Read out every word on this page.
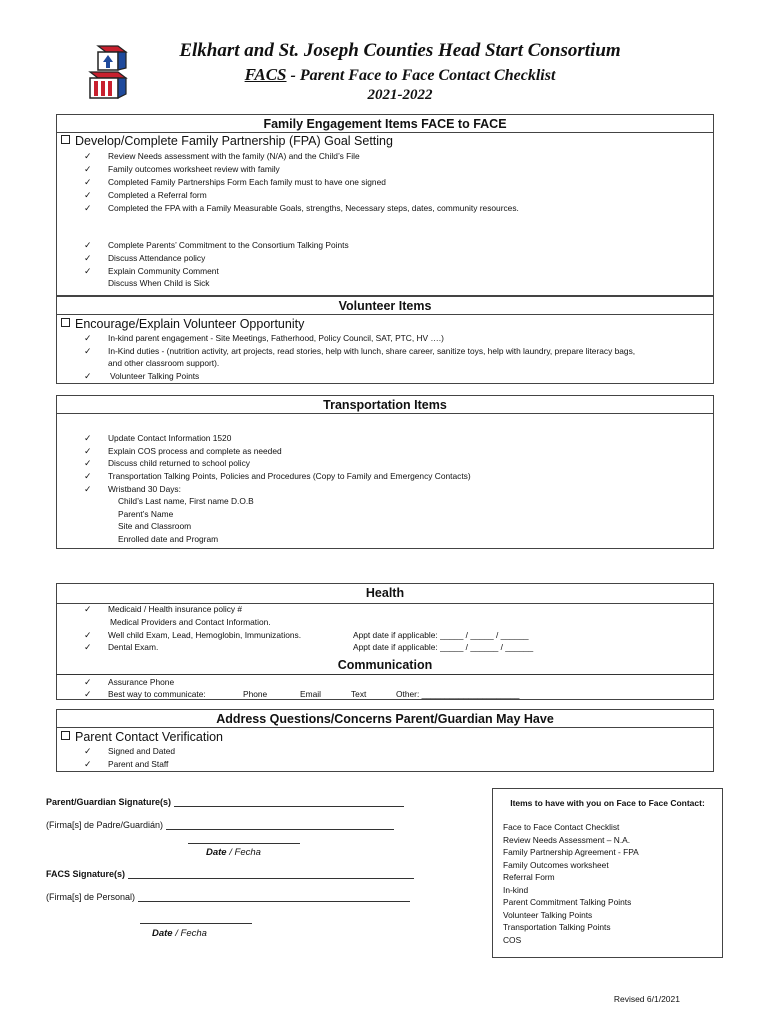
Elkhart and St. Joseph Counties Head Start Consortium
FACS - Parent Face to Face Contact Checklist
2021-2022
Family Engagement Items FACE to FACE
Develop/Complete Family Partnership (FPA) Goal Setting
✓ Review Needs assessment with the family (N/A) and the Child’s File
✓ Family outcomes worksheet review with family
✓ Completed Family Partnerships Form Each family must to have one signed
✓ Completed a Referral form
✓ Completed the FPA with a Family Measurable Goals, strengths, Necessary steps, dates, community resources.
✓ Complete Parents’ Commitment to the Consortium Talking Points
✓ Discuss Attendance policy
✓ Explain Community Comment
Discuss When Child is Sick
Volunteer Items
Encourage/Explain Volunteer Opportunity
✓ In-kind parent engagement - Site Meetings, Fatherhood, Policy Council, SAT, PTC, HV ….)
✓ In-Kind duties - (nutrition activity, art projects, read stories, help with lunch, share career, sanitize toys, help with laundry, prepare literacy bags,
and other classroom support).
✓ Volunteer Talking Points
Transportation Items
✓ Update Contact Information 1520
✓ Explain COS process and complete as needed
✓ Discuss child returned to school policy
✓ Transportation Talking Points, Policies and Procedures (Copy to Family and Emergency Contacts)
✓ Wristband 30 Days:
Child’s Last name, First name D.O.B
Parent’s Name
Site and Classroom
Enrolled date and Program
Health
Communication
✓ Medicaid / Health insurance policy #
Medical Providers and Contact Information.
✓ Well child Exam, Lead, Hemoglobin, Immunizations.	Appt date if applicable: _____ / _____ / ______
✓ Dental Exam.	Appt date if applicable: _____ / ______ / ______
✓ Assurance Phone
✓ Best way to communicate:	Phone	Email	Text	Other: _____________________
Address Questions/Concerns Parent/Guardian May Have
Parent Contact Verification
✓ Signed and Dated
✓ Parent and Staff
Parent/Guardian Signature(s)
(Firma[s] de Padre/Guardián)
Date / Fecha
FACS Signature(s)
(Firma[s] de Personal)
Date / Fecha
Items to have with you on Face to Face Contact:
Face to Face Contact Checklist
Review Needs Assessment – N.A.
Family Partnership Agreement - FPA
Family Outcomes worksheet
Referral Form
In-kind
Parent Commitment Talking Points
Volunteer Talking Points
Transportation Talking Points
COS
Revised 6/1/2021
